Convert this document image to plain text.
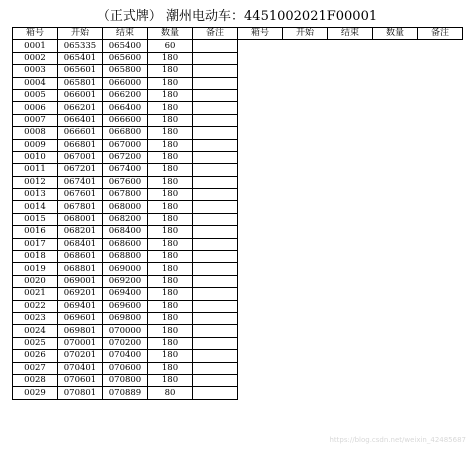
（正式牌） 潮州电动车：4451002021F00001
箱号	开始	结束	数量	备注	箱号	开始	结束	数量	备注
0001	065335	065400	60						
0002	065401	065600	180						
0003	065601	065800	180						
0004	065801	066000	180						
0005	066001	066200	180						
0006	066201	066400	180						
0007	066401	066600	180						
0008	066601	066800	180						
0009	066801	067000	180						
0010	067001	067200	180						
0011	067201	067400	180						
0012	067401	067600	180						
0013	067601	067800	180						
0014	067801	068000	180						
0015	068001	068200	180						
0016	068201	068400	180						
0017	068401	068600	180						
0018	068601	068800	180						
0019	068801	069000	180						
0020	069001	069200	180						
0021	069201	069400	180						
0022	069401	069600	180						
0023	069601	069800	180						
0024	069801	070000	180						
0025	070001	070200	180						
0026	070201	070400	180						
0027	070401	070600	180						
0028	070601	070800	180						
0029	070801	070889	80						
https://blog.csdn.net/weixin_42485687
